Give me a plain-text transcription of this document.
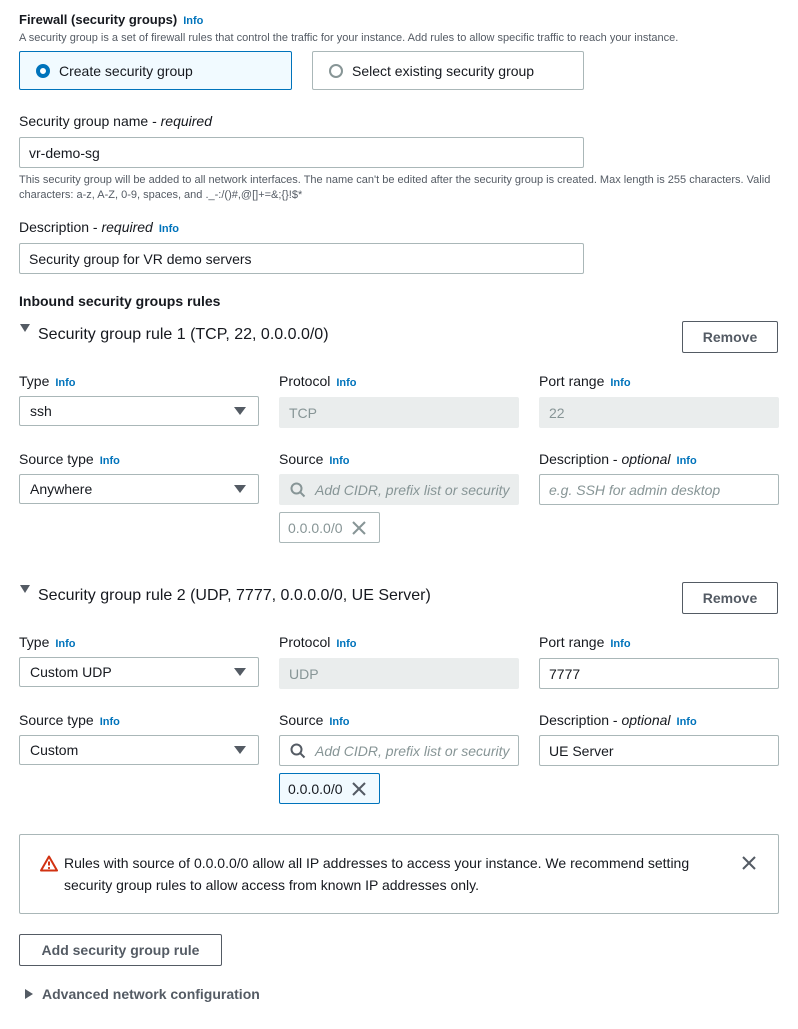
Firewall (security groups) Info
A security group is a set of firewall rules that control the traffic for your instance. Add rules to allow specific traffic to reach your instance.
Create security group	Select existing security group
Security group name - required
vr-demo-sg
This security group will be added to all network interfaces. The name can't be edited after the security group is created. Max length is 255 characters. Valid characters: a-z, A-Z, 0-9, spaces, and ._-:/()#,@[]+=&;{}!$*
Description - required Info
Security group for VR demo servers
Inbound security groups rules
Security group rule 1 (TCP, 22, 0.0.0.0/0)	Remove
Type Info
ssh
Protocol Info
TCP
Port range Info
22
Source type Info
Anywhere
Source Info
Add CIDR, prefix list or security
0.0.0.0/0
Description - optional Info
e.g. SSH for admin desktop
Security group rule 2 (UDP, 7777, 0.0.0.0/0, UE Server)	Remove
Type Info
Custom UDP
Protocol Info
UDP
Port range Info
7777
Source type Info
Custom
Source Info
Add CIDR, prefix list or security
0.0.0.0/0
Description - optional Info
UE Server
Rules with source of 0.0.0.0/0 allow all IP addresses to access your instance. We recommend setting
security group rules to allow access from known IP addresses only.
Add security group rule
Advanced network configuration
